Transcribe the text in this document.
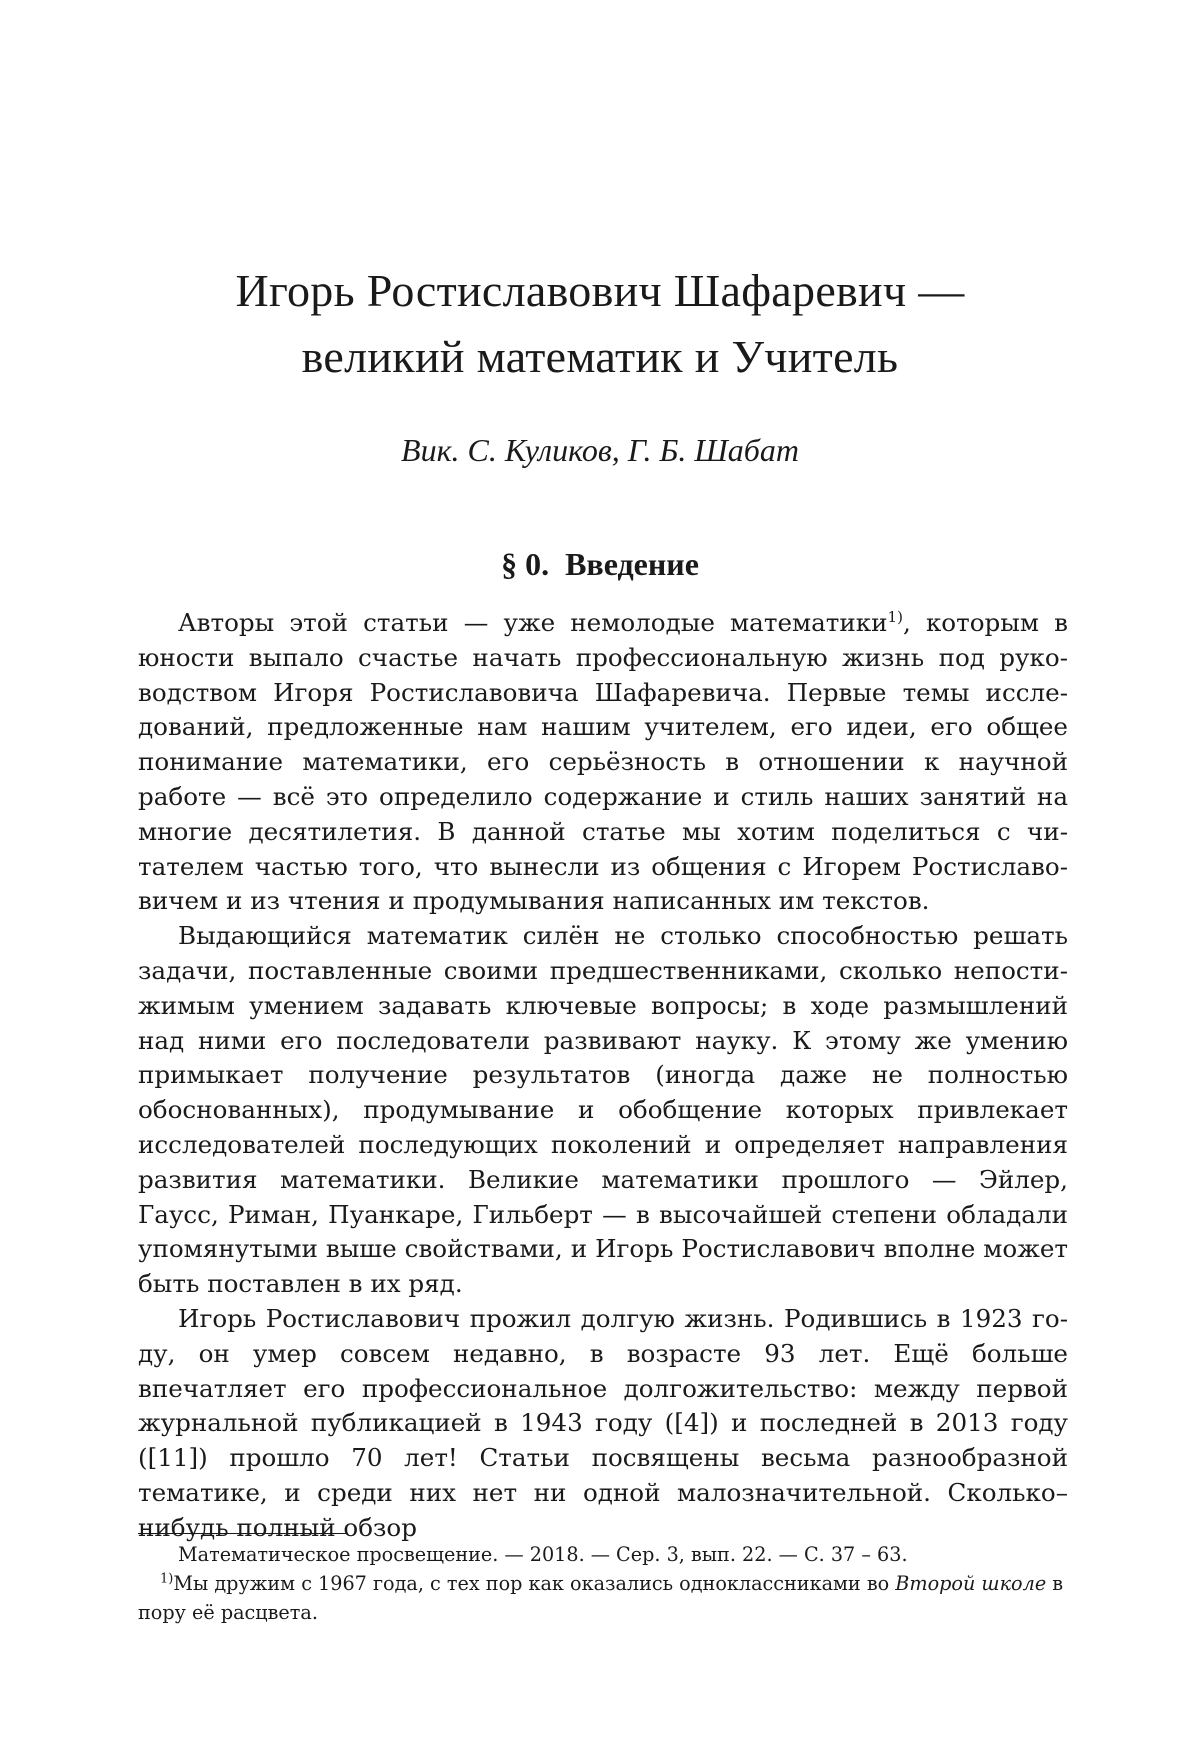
Игорь Ростиславович Шафаревич —
великий математик и Учитель

Вик. С. Куликов, Г. Б. Шабат

§ 0. Введение

Авторы этой статьи — уже немолодые математики$^{1)}$, которым в юности выпало счастье начать профессиональную жизнь под руководством Игоря Ростиславовича Шафаревича. Первые темы исследований, предложенные нам нашим учителем, его идеи, его общее понимание математики, его серьёзность в отношении к научной работе — всё это определило содержание и стиль наших занятий на многие десятилетия. В данной статье мы хотим поделиться с читателем частью того, что вынесли из общения с Игорем Ростиславовичем и из чтения и продумывания написанных им текстов.

Выдающийся математик силён не столько способностью решать задачи, поставленные своими предшественниками, сколько непостижимым умением задавать ключевые вопросы; в ходе размышлений над ними его последователи развивают науку. К этому же умению примыкает получение результатов (иногда даже не полностью обоснованных), продумывание и обобщение которых привлекает исследователей последующих поколений и определяет направления развития математики. Великие математики прошлого — Эйлер, Гаусс, Риман, Пуанкаре, Гильберт — в высочайшей степени обладали упомянутыми выше свойствами, и Игорь Ростиславович вполне может быть поставлен в их ряд.

Игорь Ростиславович прожил долгую жизнь. Родившись в 1923 году, он умер совсем недавно, в возрасте 93 лет. Ещё больше впечатляет его профессиональное долгожительство: между первой журнальной публикацией в 1943 году ([4]) и последней в 2013 году ([11]) прошло 70 лет! Статьи посвящены весьма разнообразной тематике, и среди них нет ни одной малозначительной. Сколько–нибудь полный обзор

Математическое просвещение. — 2018. — Сер. 3, вып. 22. — С. 37 – 63.

$^{1)}$Мы дружим с 1967 года, с тех пор как оказались одноклассниками во Второй школе в пору её расцвета.
